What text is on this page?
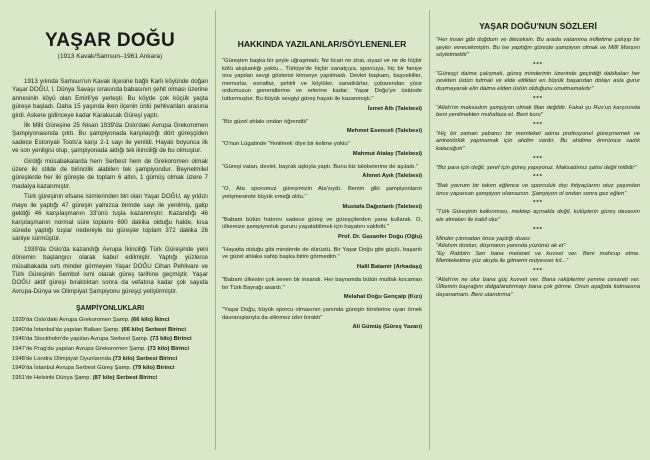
YAŞAR DOĞU
(1913 Kavak/Samsun–1961 Ankara)

1913 yılında Samsun'un Kavak ilçesine bağlı Karlı köyünde doğan Yaşar DOĞU, I. Dünya Savaşı sırasında babasının şehit olması üzerine annesinin köyü olan Emirli'ye yerleşti. Bu köyde çok küçük yaşta güreşe başladı. Daha 15 yaşında iken ilçenin ünlü pehlivanları arasına girdi. Askere gidinceye kadar Karakucak Güreşi yaptı.

İlk Milli Güreşine 25 Nisan 1939'da Oslo'daki Avrupa Grekoromen Şampiyonasında çıktı. Bu şampiyonada karşılaştığı dört güreşçiden sadece Estonyalı Toots'a karşı 2-1 sayı ile yenildi. Hayatı boyunca ilk ve son yenilgisi olup, şampiyonada aldığı tek ikinciliği de bu olmuştur.

Girdiği müsabakalarda hem Serbest hem de Grekoromen olmak üzere iki stilde de birincilik alabilen tek şampiyondur. Beynelmilel güreşlerde her iki güreşte de toplam 6 altın, 1 gümüş olmak üzere 7 madalya kazanmıştır.

Türk güreşinin efsane isimlerinden biri olan Yaşar DOĞU, ay yıldızı mayo ile yaptığı 47 güreşin yalnızca birinde sayı ile yenilmiş, galip geldiği 46 karşılaşmanın 33'ünü tuşla kazanmıştır. Kazandığı 46 karşılaşmanın normal süre toplamı 690 dakika olduğu halde, kısa sürede yaptığı tuşlar nedeniyle bu güreşler toplam 372 dakika 26 saniye sürmüştür.

1939'da Oslo'da kazandığı Avrupa İkinciliği Türk Güreşinde yeni dönemin başlangıcı olarak kabul edilmiştir. Yaptığı yüzlerce müsabakada sırtı minder görmeyen Yaşar DOĞU Cihan Pehlivanı ve Türk Güreşinin Sembol ismi olarak güreş tarihine geçmiştir. Yaşar DOĞU aktif güreşi bıraktıktan sonra da vefatına kadar çok sayıda Avrupa-Dünya ve Olimpiyat Şampiyonu güreşçi yetiştirmiştir.

ŞAMPİYONLUKLARI
1939'da Oslo'daki Avrupa Grekoromen Şamp. (66 kilo) İkinci
1940'da İstanbul'da yapılan Balkan Şamp. (66 kilo) Serbest Birinci
1946'da Stockholm'de yapılan Avrupa Serbest Şamp. (73 kilo) Birinci
1947'de Prag'da yapılan Avrupa Grekoromen Şamp. (73 kilo) Birinci
1948'de Londra Olimpiyat Oyunlarında (73 kilo) Serbest Birinci
1949'da İstanbul Avrupa Serbest Güreş Şamp. (79 kilo) Birinci
1951'de Helsinki Dünya Şamp. (87 kilo) Serbest Birinci
HAKKINDA YAZILANLAR/SÖYLENENLER
"Güreşten başka bir şeyle uğraşmadı. Ne ticari ne zirai, siyasi ve ne de hiçbir kötü alışkanlığı yoktu... Türkiye'de hiçbir sanatçıya, sporcuya, hiç bir faniye ona yapılan sevgi gösterisi kimseye yapılmadı. Devlet başkanı, başvekiller, memurlar, esnaflar, şehirli ve köylüler, sanatkârlar, çobanından yüce ordumuzun generallerine ve erlerine kadar; Yaşar Doğu'ye üstünde tutturmuştur. Bu büyük sevgiyi güreş hayatı ile kazanmıştı."
İsmet Altı (Talebesi)
"Biz güzel ahlakı ondan öğrendik"
Mehmet Esenceli (Talebesi)
"O'nun Lügatinde 'Yenilmek' diye bir kelime yoktu"
Mahmut Atalay (Talebesi)
"Güreşi vatan, devlet, bayrak aşkıyla yaptı. Bunu biz talebelerine de aşıladı."
Ahmet Ayık (Talebesi)
"O, Ata sporumuz güreşimizin Ata'sıydı. Benim gibi şampiyonların yetişmesinde büyük emeği oldu."
Mustafa Dağıstanlı (Talebesi)
"Babam bütün hatırını sadece güreş ve güreşçilerden yana kullandı. O, ülkemize şampiyonluk gururu yaşatabilmek için hayatını vakfetti."
Prof. Dr. Gazanfer Doğu (Oğlu)
"Hayatta olduğu gibi minderde de dürüstü. Bir Yaşar Doğu gibi güçlü, başarılı ve güzel ahlaka sahip başka birini görmedim."
Halil Balamir (Arkadaşı)
"Babam ülkesini çok seven bir insandı. Her bayramda bütün mutfak kocaman bir Türk Bayrağı asardı."
Melahat Doğu Gençalp (Kızı)
"Yaşar Doğu, büyük sporcu olmasının yanında güreşin törelerine uyan örnek davranışlarıyla da silinmez izler bıraktı"
Ali Gümüş (Güreş Yazarı)
YAŞAR DOĞU'NUN SÖZLERİ
"Her insan gibi doğdum ve öleceksin. Bu arada vatanıma milletime çalışıp bir şeyler verecekmişim. Bu ise yaptığın güreşte şampiyon olmak ve Millî Marşını söyletmektir"
***
"Güreşçi daima çalışmalı, güreş minderinin üzerinde geçirdiği dakikaları her zevkten üstün tutmalı ve elde ettikleri en büyük başarıdan dolayı asla gurur duymayarak elin daima elden üstün olduğunu unutmamalıdır"
***
"Allah'ım maksadım şampiyon olmak filan değildir. Fakat şu Rus'un karşısında beni yenilmekten muhafaza et. Beni koru"
***
"Hiç bir zaman yabancı bir memleket adına profesyonel güreşmemek ve antrenörlük yapmamak için ahdim vardır. Bu ahdime ömrümce sadık kalacağım"
***
"Biz para için değil, şeref için güreş yapıyoruz. Maksadımız şahsi değil millidir"
***
"Bak yavrum bir takım eğlence ve sporculuk dışı ihtiyaçlarını otuz yaşından önce yaparsan şampiyon olamazsın. Şampiyon ol ondan sonra gez eğlen"
***
"Türk Güreşinin kalkınması, mektep açmakla değil, kulüplerin güreş davasını ele almaları ile kabil olur"
***
Minder çıkmadan önce yaptığı duası:
"Allahım dostun, düşmanın yanında yüzümü ak et"
"Ey Rabbim Sen bana metanet ve kuvvet ver. Beni mahcup etme. Memleketime yüz akıyla ile gitmemi müyesser kıl..."
***
"Allah'ım ne olur bana güç kuvvet ver. Bana rakiplerimi yenme cesareti ver. Ülkemin bayrağını dalgalandırmayı bana çok görme. Onun aşağıda kalmasına dayanamam. Beni utandırma"
